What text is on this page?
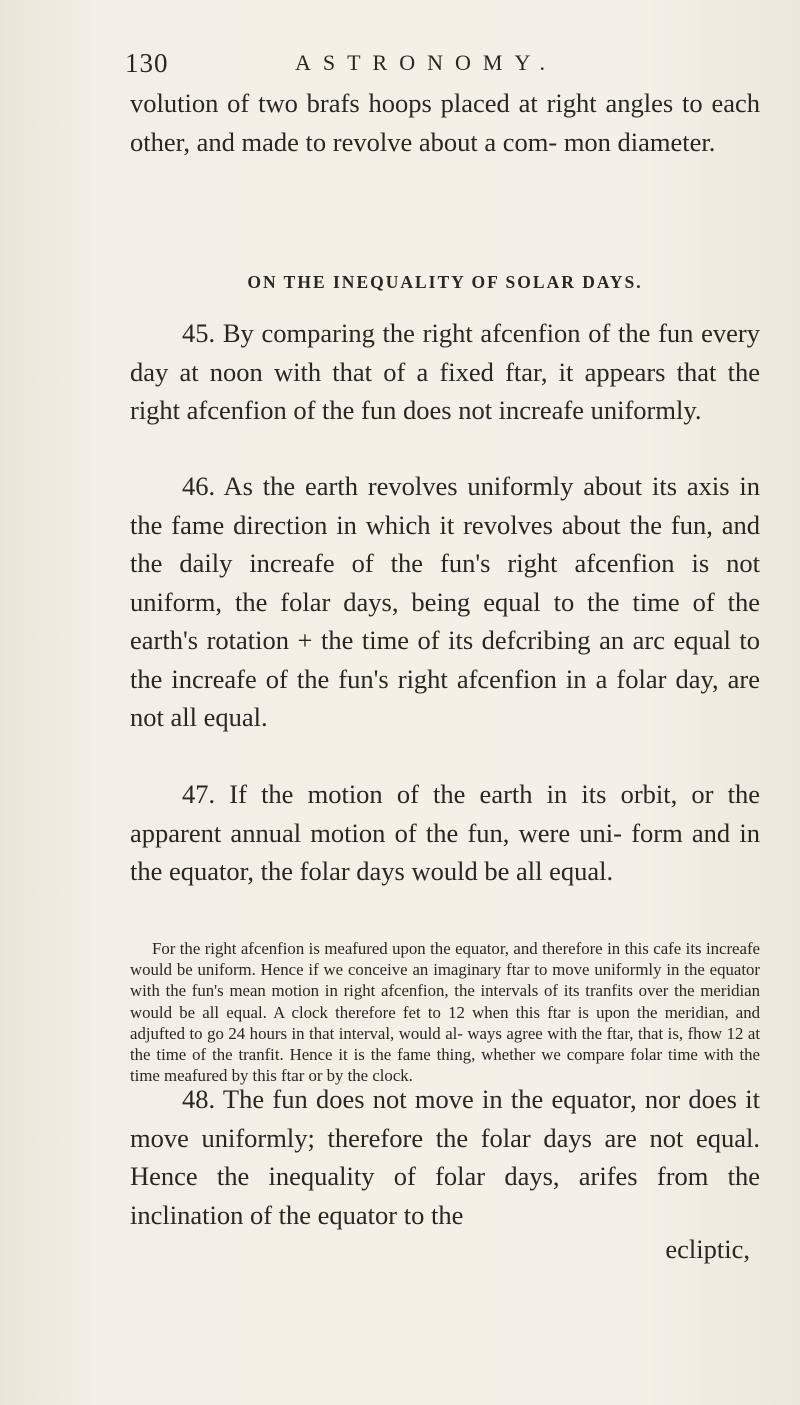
130	ASTRONOMY.

volution of two brafs hoops placed at right angles to each other, and made to revolve about a com- mon diameter.

ON THE INEQUALITY OF SOLAR DAYS.

45. By comparing the right afcenfion of the fun every day at noon with that of a fixed ftar, it appears that the right afcenfion of the fun does not increafe uniformly.

46. As the earth revolves uniformly about its axis in the fame direction in which it revolves about the fun, and the daily increafe of the fun's right afcenfion is not uniform, the folar days, being equal to the time of the earth's rotation + the time of its defcribing an arc equal to the increafe of the fun's right afcenfion in a folar day, are not all equal.

47. If the motion of the earth in its orbit, or the apparent annual motion of the fun, were uni- form and in the equator, the folar days would be all equal.

For the right afcenfion is meafured upon the equator, and therefore in this cafe its increafe would be uniform. Hence if we conceive an imaginary ftar to move uniformly in the equator with the fun's mean motion in right afcenfion, the intervals of its tranfits over the meridian would be all equal. A clock therefore fet to 12 when this ftar is upon the meridian, and adjufted to go 24 hours in that interval, would al- ways agree with the ftar, that is, fhow 12 at the time of the tranfit. Hence it is the fame thing, whether we compare folar time with the time meafured by this ftar or by the clock.

48. The fun does not move in the equator, nor does it move uniformly; therefore the folar days are not equal. Hence the inequality of folar days, arifes from the inclination of the equator to the

ecliptic,
